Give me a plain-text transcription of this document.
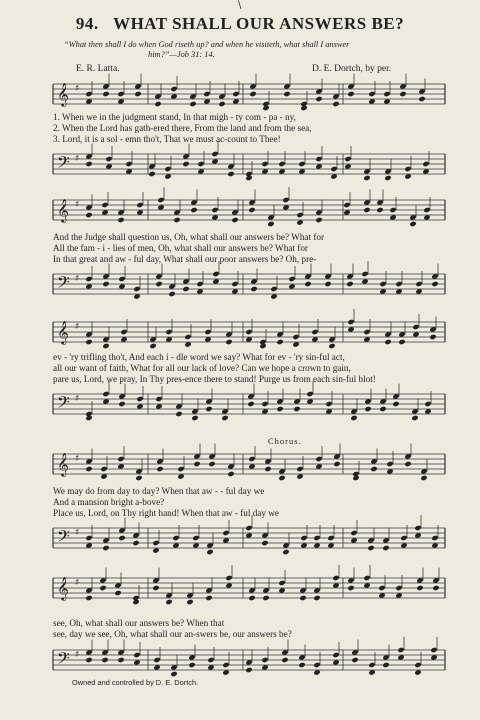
\
94. WHAT SHALL OUR ANSWERS BE?
“What then shall I do when God riseth up? and when he visiteth, what shall I answer
him?”—Job 31: 14.
E. R. Latta.	D. E. Dortch, by per.
𝄞 ♯
1. When we in the judgment stand, In that migh - ty com - pa - ny,
2. When the Lord has gath-ered there, From the land and from the sea,
3. Lord, it is a sol - emn tho't, That we must ac-count to Thee!
𝄢 ♯
𝄞 ♯
And the Judge shall question us, Oh, what shall our answers be? What for
All the fam - i - lies of men, Oh, what shall our answers be? What for
In that great and aw - ful day, What shall our poor answers be? Oh, pre-
𝄢 ♯
𝄞 ♯
ev - 'ry trifling tho't, And each i - dle word we say? What for ev - 'ry sin-ful act,
all our want of faith, What for all our lack of love? Can we hope a crown to gain,
pare us, Lord, we pray, In Thy pres-ence there to stand! Purge us from each sin-ful blot!
𝄢 ♯
Chorus.
𝄞 ♯
We may do from day to day? When that aw - - ful day we
And a mansion bright a-bove?
Place us, Lord, on Thy right hand! When that aw - ful day we
𝄢 ♯
𝄞 ♯
see, Oh, what shall our answers be? When that
see, day we see, Oh, what shall our an-swers be, our answers be?
𝄢 ♯
Owned and controlled by D. E. Dortch.
